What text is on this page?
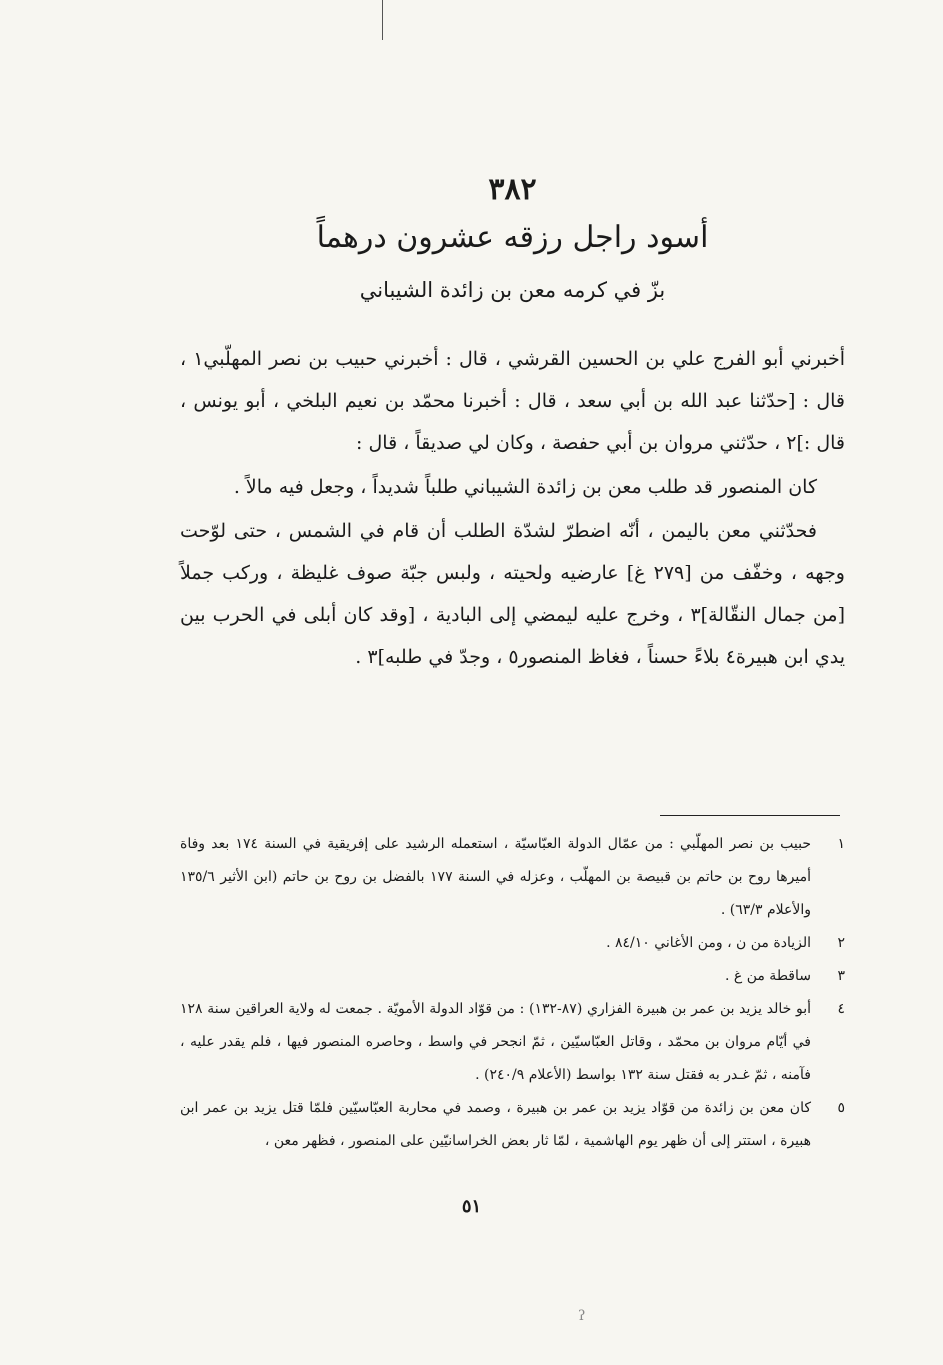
٣٨٢
أسود راجل رزقه عشرون درهماً
بزّ في كرمه معن بن زائدة الشيباني

أخبرني أبو الفرج علي بن الحسين القرشي ، قال : أخبرني حبيب بن نصر المهلّبي١ ، قال : [حدّثنا عبد الله بن أبي سعد ، قال : أخبرنا محمّد بن نعيم البلخي ، أبو يونس ، قال :]٢ ، حدّثني مروان بن أبي حفصة ، وكان لي صديقاً ، قال :

كان المنصور قد طلب معن بن زائدة الشيباني طلباً شديداً ، وجعل فيه مالاً .

فحدّثني معن باليمن ، أنّه اضطرّ لشدّة الطلب أن قام في الشمس ، حتى لوّحت وجهه ، وخفّف من [٢٧٩ غ] عارضيه ولحيته ، ولبس جبّة صوف غليظة ، وركب جملاً [من جمال النقّالة]٣ ، وخرج عليه ليمضي إلى البادية ، [وقد كان أبلى في الحرب بين يدي ابن هبيرة٤ بلاءً حسناً ، فغاظ المنصور٥ ، وجدّ في طلبه]٣ .

١
حبيب بن نصر المهلّبي : من عمّال الدولة العبّاسيّة ، استعمله الرشيد على إفريقية في السنة ١٧٤ بعد وفاة أميرها روح بن حاتم بن قبيصة بن المهلّب ، وعزله في السنة ١٧٧ بالفضل بن روح بن حاتم (ابن الأثير ١٣٥/٦ والأعلام ٦٣/٣) .
٢
الزيادة من ن ، ومن الأغاني ٨٤/١٠ .
٣
ساقطة من غ .
٤
أبو خالد يزيد بن عمر بن هبيرة الفزاري (٨٧-١٣٢) : من قوّاد الدولة الأمويّة . جمعت له ولاية العراقين سنة ١٢٨ في أيّام مروان بن محمّد ، وقاتل العبّاسيّين ، ثمّ انجحر في واسط ، وحاصره المنصور فيها ، فلم يقدر عليه ، فآمنه ، ثمّ غـدر به فقتل سنة ١٣٢ بواسط (الأعلام ٢٤٠/٩) .
٥
كان معن بن زائدة من قوّاد يزيد بن عمر بن هبيرة ، وصمد في محاربة العبّاسيّين فلمّا قتل يزيد بن عمر ابن هبيرة ، استتر إلى أن ظهر يوم الهاشمية ، لمّا ثار بعض الخراسانيّين على المنصور ، فظهر معن ،
٥١
ʔ
